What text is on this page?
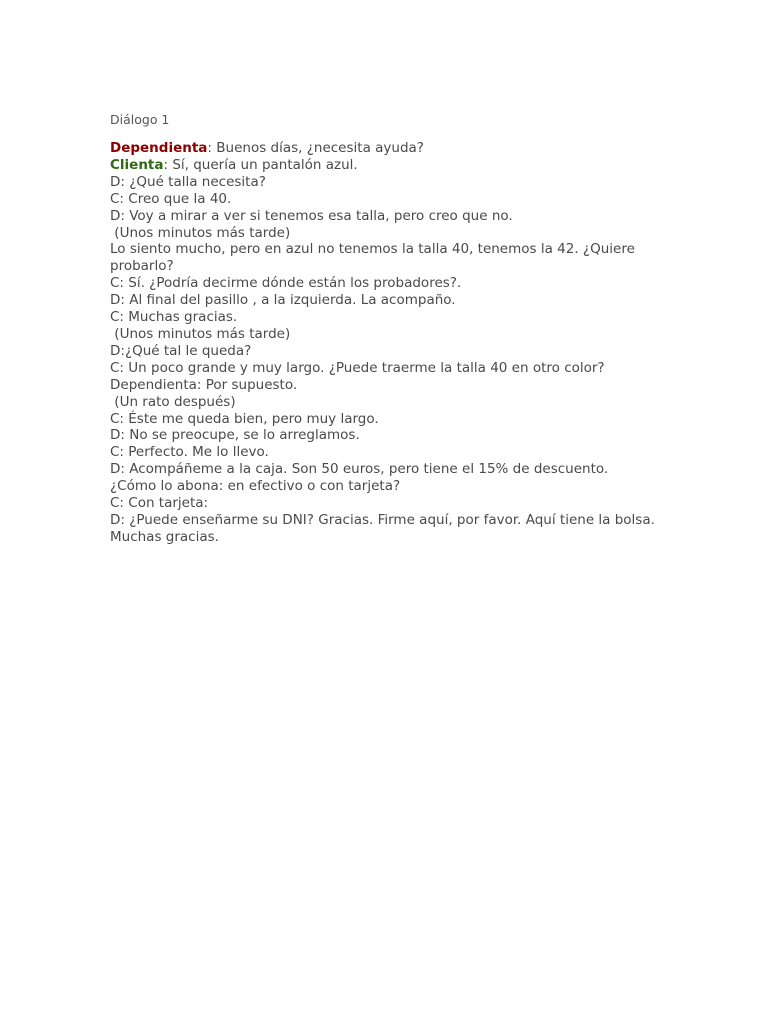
Diálogo 1
Dependienta: Buenos días, ¿necesita ayuda?
Clienta: Sí, quería un pantalón azul.
D: ¿Qué talla necesita?
C: Creo que la 40.
D: Voy a mirar a ver si tenemos esa talla, pero creo que no.
(Unos minutos más tarde)
Lo siento mucho, pero en azul no tenemos la talla 40, tenemos la 42. ¿Quiere probarlo?
C: Sí. ¿Podría decirme dónde están los probadores?.
D: Al final del pasillo , a la izquierda. La acompaño.
C: Muchas gracias.
(Unos minutos más tarde)
D:¿Qué tal le queda?
C: Un poco grande y muy largo. ¿Puede traerme la talla 40 en otro color?
Dependienta: Por supuesto.
(Un rato después)
C: Éste me queda bien, pero muy largo.
D: No se preocupe, se lo arreglamos.
C: Perfecto. Me lo llevo.
D: Acompáñeme a la caja. Son 50 euros, pero tiene el 15% de descuento.
¿Cómo lo abona: en efectivo o con tarjeta?
C: Con tarjeta:
D: ¿Puede enseñarme su DNI? Gracias. Firme aquí, por favor. Aquí tiene la bolsa. Muchas gracias.
